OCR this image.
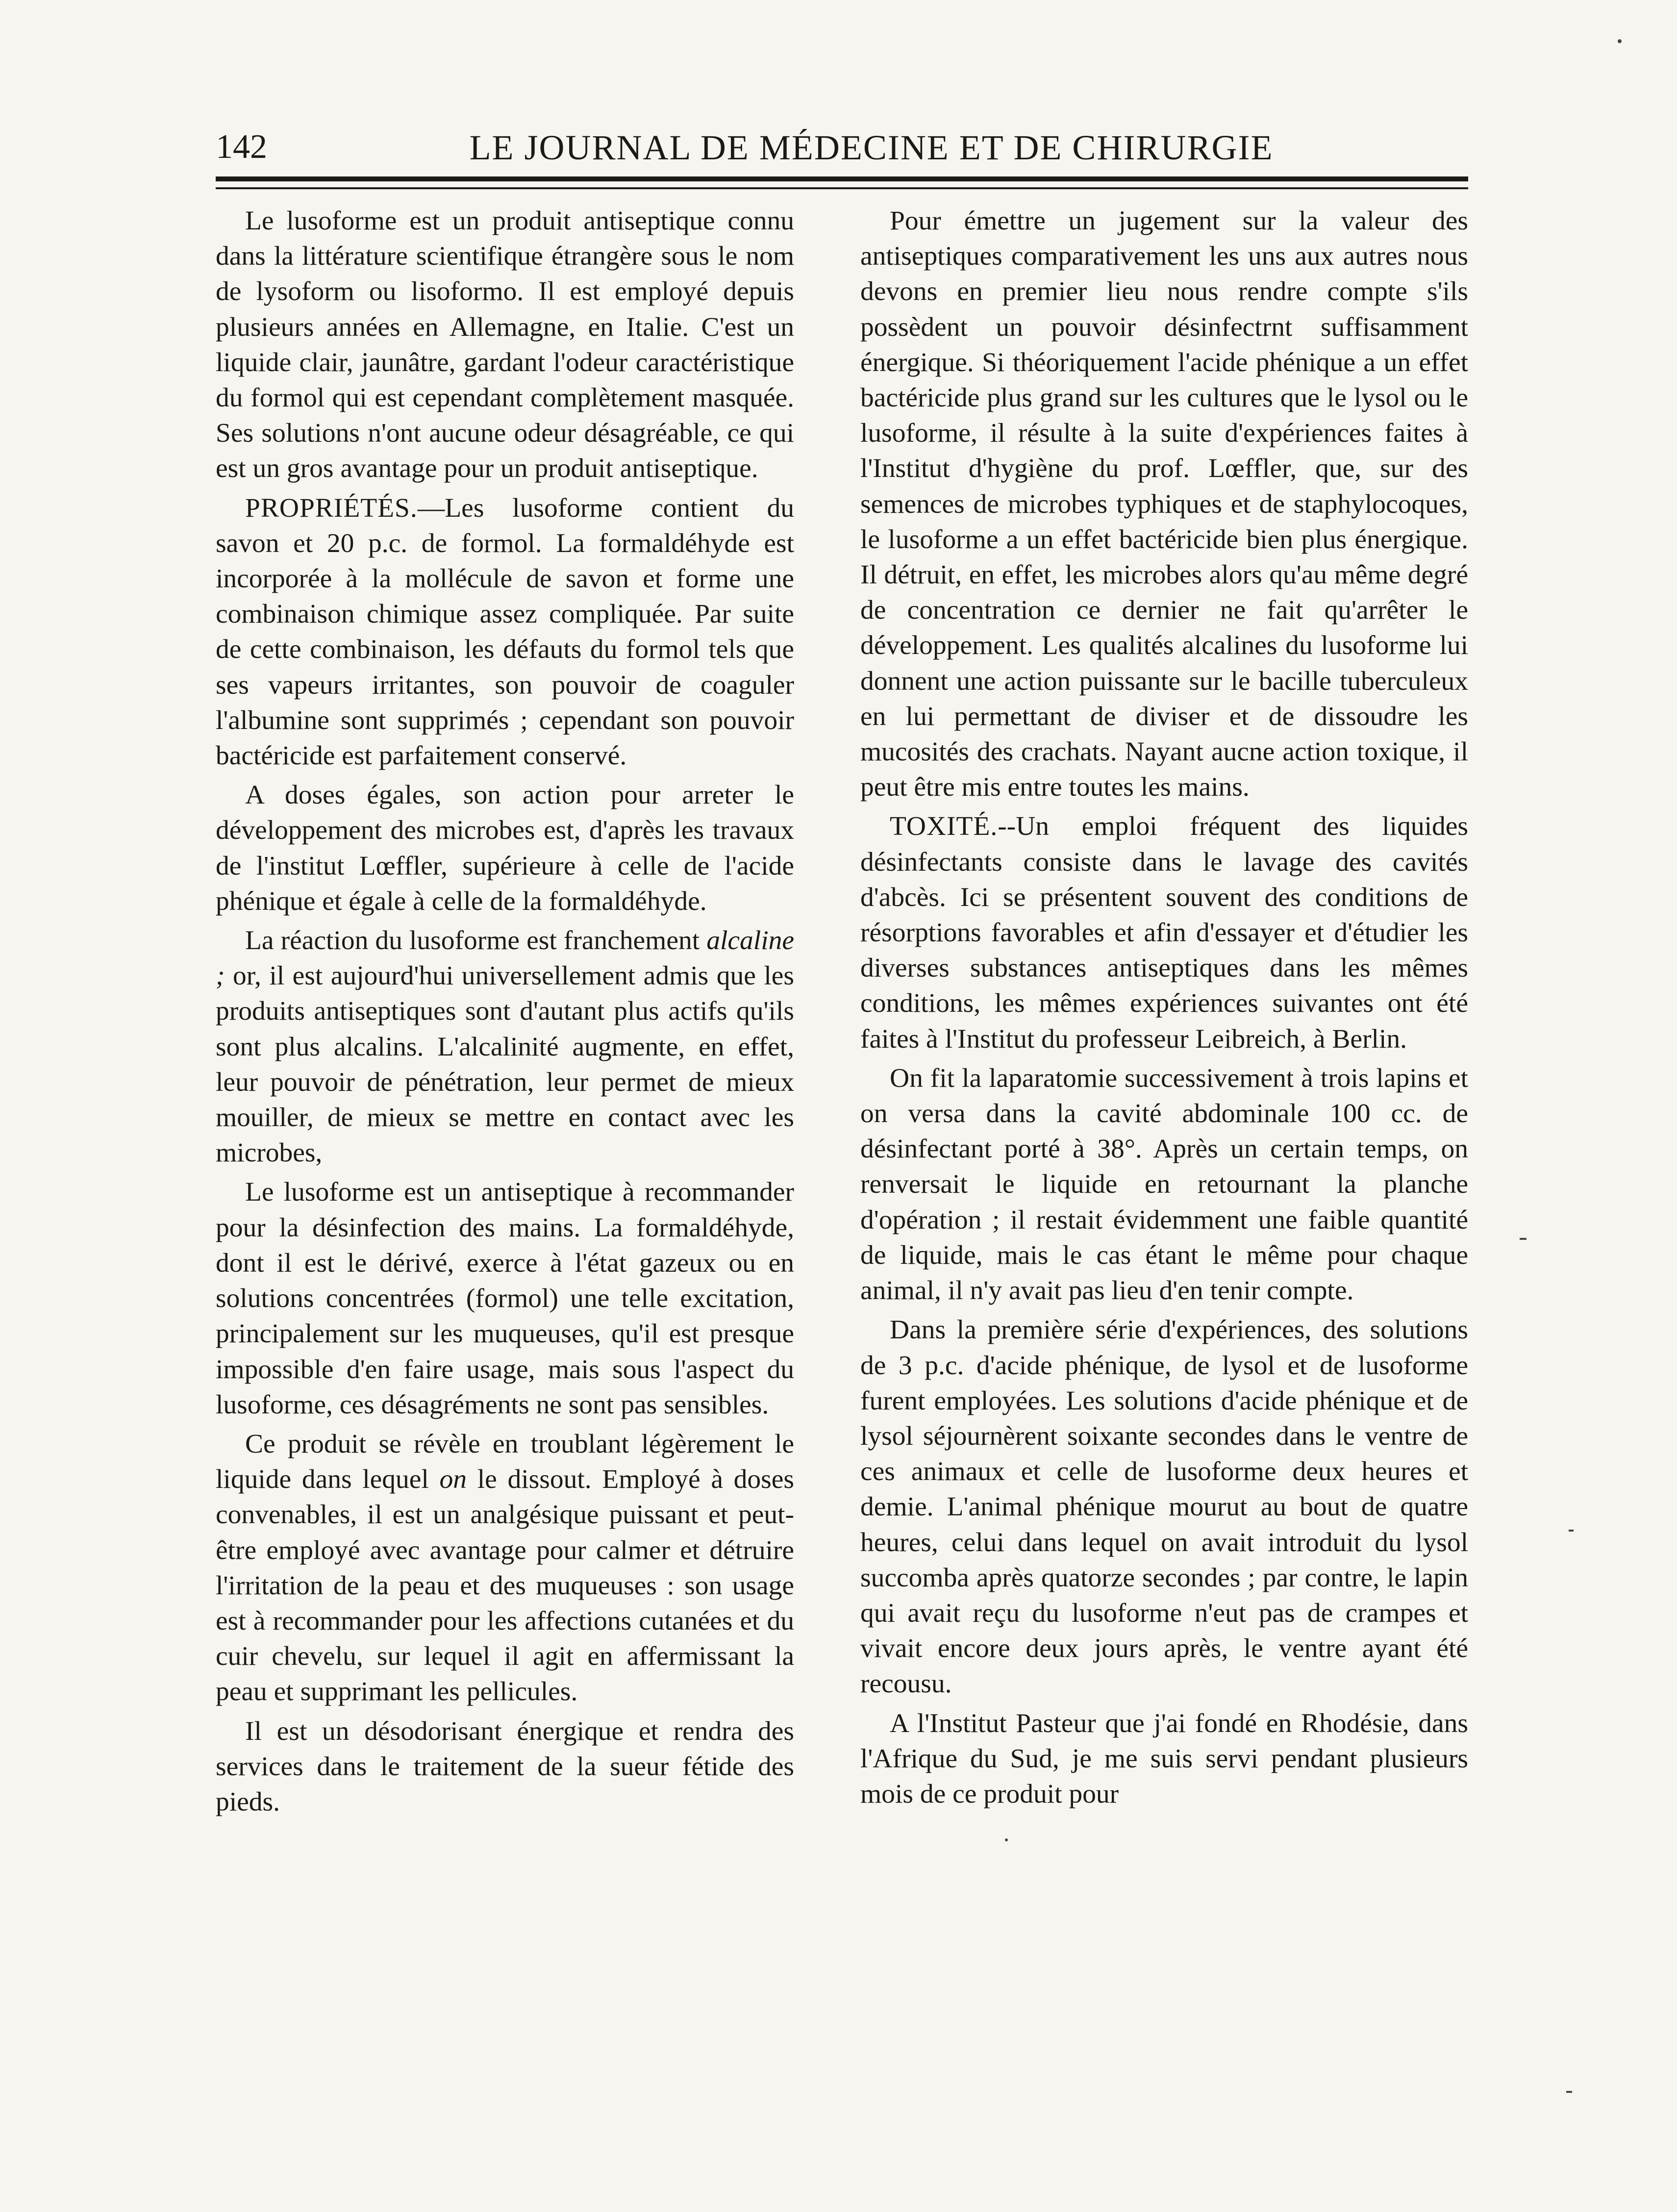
142	LE JOURNAL DE MÉDECINE ET DE CHIRURGIE

Le lusoforme est un produit antiseptique connu dans la littérature scientifique étrangère sous le nom de lysoform ou lisoformo. Il est employé depuis plusieurs années en Allemagne, en Italie. C'est un liquide clair, jaunâtre, gardant l'odeur caractéristique du formol qui est cependant complètement masquée. Ses solutions n'ont aucune odeur désagréable, ce qui est un gros avantage pour un produit antiseptique.

PROPRIÉTÉS.—Les lusoforme contient du savon et 20 p.c. de formol. La formaldéhyde est incorporée à la mollécule de savon et forme une combinaison chimique assez compliquée. Par suite de cette combinaison, les défauts du formol tels que ses vapeurs irritantes, son pouvoir de coaguler l'albumine sont supprimés ; cependant son pouvoir bactéricide est parfaitement conservé.

A doses égales, son action pour arreter le développement des microbes est, d'après les travaux de l'institut Lœffler, supérieure à celle de l'acide phénique et égale à celle de la formaldéhyde.

La réaction du lusoforme est franchement alcaline ; or, il est aujourd'hui universellement admis que les produits antiseptiques sont d'autant plus actifs qu'ils sont plus alcalins. L'alcalinité augmente, en effet, leur pouvoir de pénétration, leur permet de mieux mouiller, de mieux se mettre en contact avec les microbes,

Le lusoforme est un antiseptique à recommander pour la désinfection des mains. La formaldéhyde, dont il est le dérivé, exerce à l'état gazeux ou en solutions concentrées (formol) une telle excitation, principalement sur les muqueuses, qu'il est presque impossible d'en faire usage, mais sous l'aspect du lusoforme, ces désagréments ne sont pas sensibles.

Ce produit se révèle en troublant légèrement le liquide dans lequel on le dissout. Employé à doses convenables, il est un analgésique puissant et peut-être employé avec avantage pour calmer et détruire l'irritation de la peau et des muqueuses : son usage est à recommander pour les affections cutanées et du cuir chevelu, sur lequel il agit en affermissant la peau et supprimant les pellicules.

Il est un désodorisant énergique et rendra des services dans le traitement de la sueur fétide des pieds.

Pour émettre un jugement sur la valeur des antiseptiques comparativement les uns aux autres nous devons en premier lieu nous rendre compte s'ils possèdent un pouvoir désinfectrnt suffisamment énergique. Si théoriquement l'acide phénique a un effet bactéricide plus grand sur les cultures que le lysol ou le lusoforme, il résulte à la suite d'expériences faites à l'Institut d'hygiène du prof. Lœffler, que, sur des semences de microbes typhiques et de staphylocoques, le lusoforme a un effet bactéricide bien plus énergique. Il détruit, en effet, les microbes alors qu'au même degré de concentration ce dernier ne fait qu'arrêter le développement. Les qualités alcalines du lusoforme lui donnent une action puissante sur le bacille tuberculeux en lui permettant de diviser et de dissoudre les mucosités des crachats. Nayant aucne action toxique, il peut être mis entre toutes les mains.

TOXITÉ.--Un emploi fréquent des liquides désinfectants consiste dans le lavage des cavités d'abcès. Ici se présentent souvent des conditions de résorptions favorables et afin d'essayer et d'étudier les diverses substances antiseptiques dans les mêmes conditions, les mêmes expériences suivantes ont été faites à l'Institut du professeur Leibreich, à Berlin.

On fit la laparatomie successivement à trois lapins et on versa dans la cavité abdominale 100 cc. de désinfectant porté à 38°. Après un certain temps, on renversait le liquide en retournant la planche d'opération ; il restait évidemment une faible quantité de liquide, mais le cas étant le même pour chaque animal, il n'y avait pas lieu d'en tenir compte.

Dans la première série d'expériences, des solutions de 3 p.c. d'acide phénique, de lysol et de lusoforme furent employées. Les solutions d'acide phénique et de lysol séjournèrent soixante secondes dans le ventre de ces animaux et celle de lusoforme deux heures et demie. L'animal phénique mourut au bout de quatre heures, celui dans lequel on avait introduit du lysol succomba après quatorze secondes ; par contre, le lapin qui avait reçu du lusoforme n'eut pas de crampes et vivait encore deux jours après, le ventre ayant été recousu.

A l'Institut Pasteur que j'ai fondé en Rhodésie, dans l'Afrique du Sud, je me suis servi pendant plusieurs mois de ce produit pour
